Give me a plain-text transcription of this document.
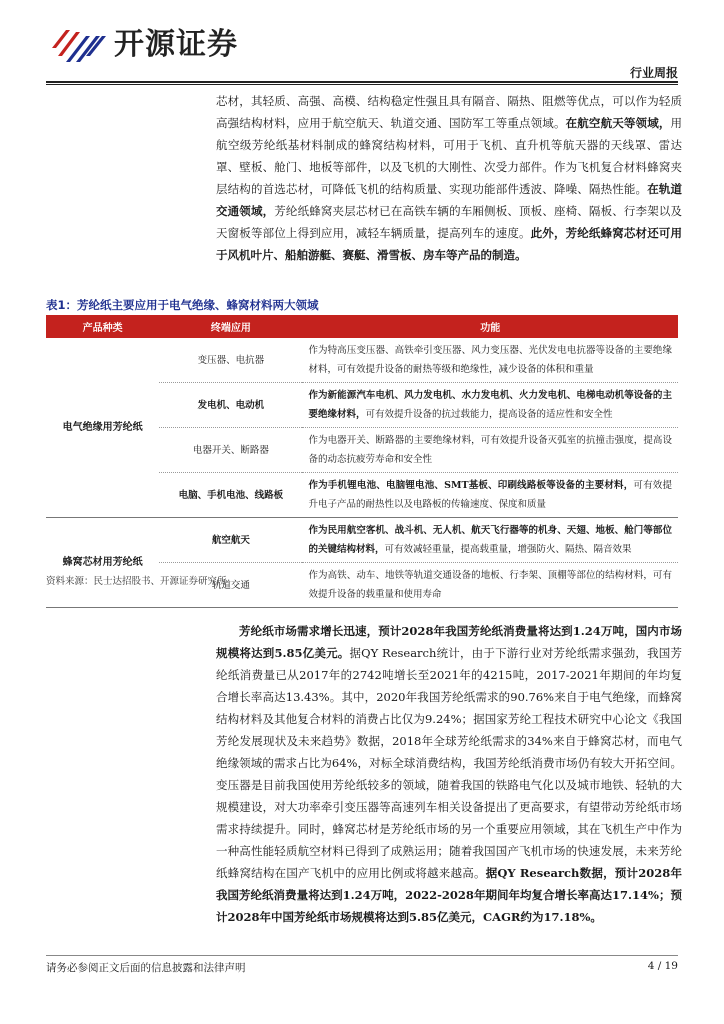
开源证券
行业周报
芯材，其轻质、高强、高模、结构稳定性强且具有隔音、隔热、阻燃等优点，可以作为轻质高强结构材料，应用于航空航天、轨道交通、国防军工等重点领域。在航空航天等领域，用航空级芳纶纸基材料制成的蜂窝结构材料，可用于飞机、直升机等航天器的天线罩、雷达罩、壁板、舱门、地板等部件，以及飞机的大刚性、次受力部件。作为飞机复合材料蜂窝夹层结构的首选芯材，可降低飞机的结构质量、实现功能部件透波、降噪、隔热性能。在轨道交通领域，芳纶纸蜂窝夹层芯材已在高铁车辆的车厢侧板、顶板、座椅、隔板、行李架以及天窗板等部位上得到应用，减轻车辆质量，提高列车的速度。此外，芳纶纸蜂窝芯材还可用于风机叶片、船舶游艇、赛艇、滑雪板、房车等产品的制造。
表1：芳纶纸主要应用于电气绝缘、蜂窝材料两大领域
产品种类	终端应用	功能
电气绝缘用芳纶纸	变压器、电抗器	作为特高压变压器、高铁牵引变压器、风力变压器、光伏发电电抗器等设备的主要绝缘材料，可有效提升设备的耐热等级和绝缘性，减少设备的体积和重量
	发电机、电动机	作为新能源汽车电机、风力发电机、水力发电机、火力发电机、电梯电动机等设备的主要绝缘材料，可有效提升设备的抗过载能力，提高设备的适应性和安全性
	电器开关、断路器	作为电器开关、断路器的主要绝缘材料，可有效提升设备灭弧室的抗撞击强度，提高设备的动态抗疲劳寿命和安全性
	电脑、手机电池、线路板	作为手机锂电池、电脑锂电池、SMT基板、印刷线路板等设备的主要材料，可有效提升电子产品的耐热性以及电路板的传输速度、保度和质量
蜂窝芯材用芳纶纸	航空航天	作为民用航空客机、战斗机、无人机、航天飞行器等的机身、天翅、地板、舱门等部位的关键结构材料，可有效减轻重量，提高载重量，增强防火、隔热、隔音效果
	轨道交通	作为高铁、动车、地铁等轨道交通设备的地板、行李架、顶棚等部位的结构材料，可有效提升设备的载重量和使用寿命
资料来源：民士达招股书、开源证券研究所
芳纶纸市场需求增长迅速，预计2028年我国芳纶纸消费量将达到1.24万吨，国内市场规模将达到5.85亿美元。据QY Research统计，由于下游行业对芳纶纸需求强劲，我国芳纶纸消费量已从2017年的2742吨增长至2021年的4215吨，2017-2021年期间的年均复合增长率高达13.43%。其中，2020年我国芳纶纸需求的90.76%来自于电气绝缘，而蜂窝结构材料及其他复合材料的消费占比仅为9.24%；据国家芳纶工程技术研究中心论文《我国芳纶发展现状及未来趋势》数据，2018年全球芳纶纸需求的34%来自于蜂窝芯材，而电气绝缘领域的需求占比为64%，对标全球消费结构，我国芳纶纸消费市场仍有较大开拓空间。变压器是目前我国使用芳纶纸较多的领域，随着我国的铁路电气化以及城市地铁、轻轨的大规模建设，对大功率牵引变压器等高速列车相关设备提出了更高要求，有望带动芳纶纸市场需求持续提升。同时，蜂窝芯材是芳纶纸市场的另一个重要应用领域，其在飞机生产中作为一种高性能轻质航空材料已得到了成熟运用；随着我国国产飞机市场的快速发展，未来芳纶纸蜂窝结构在国产飞机中的应用比例或将越来越高。据QY Research数据，预计2028年我国芳纶纸消费量将达到1.24万吨，2022-2028年期间年均复合增长率高达17.14%；预计2028年中国芳纶纸市场规模将达到5.85亿美元，CAGR约为17.18%。
请务必参阅正文后面的信息披露和法律声明	4 / 19
